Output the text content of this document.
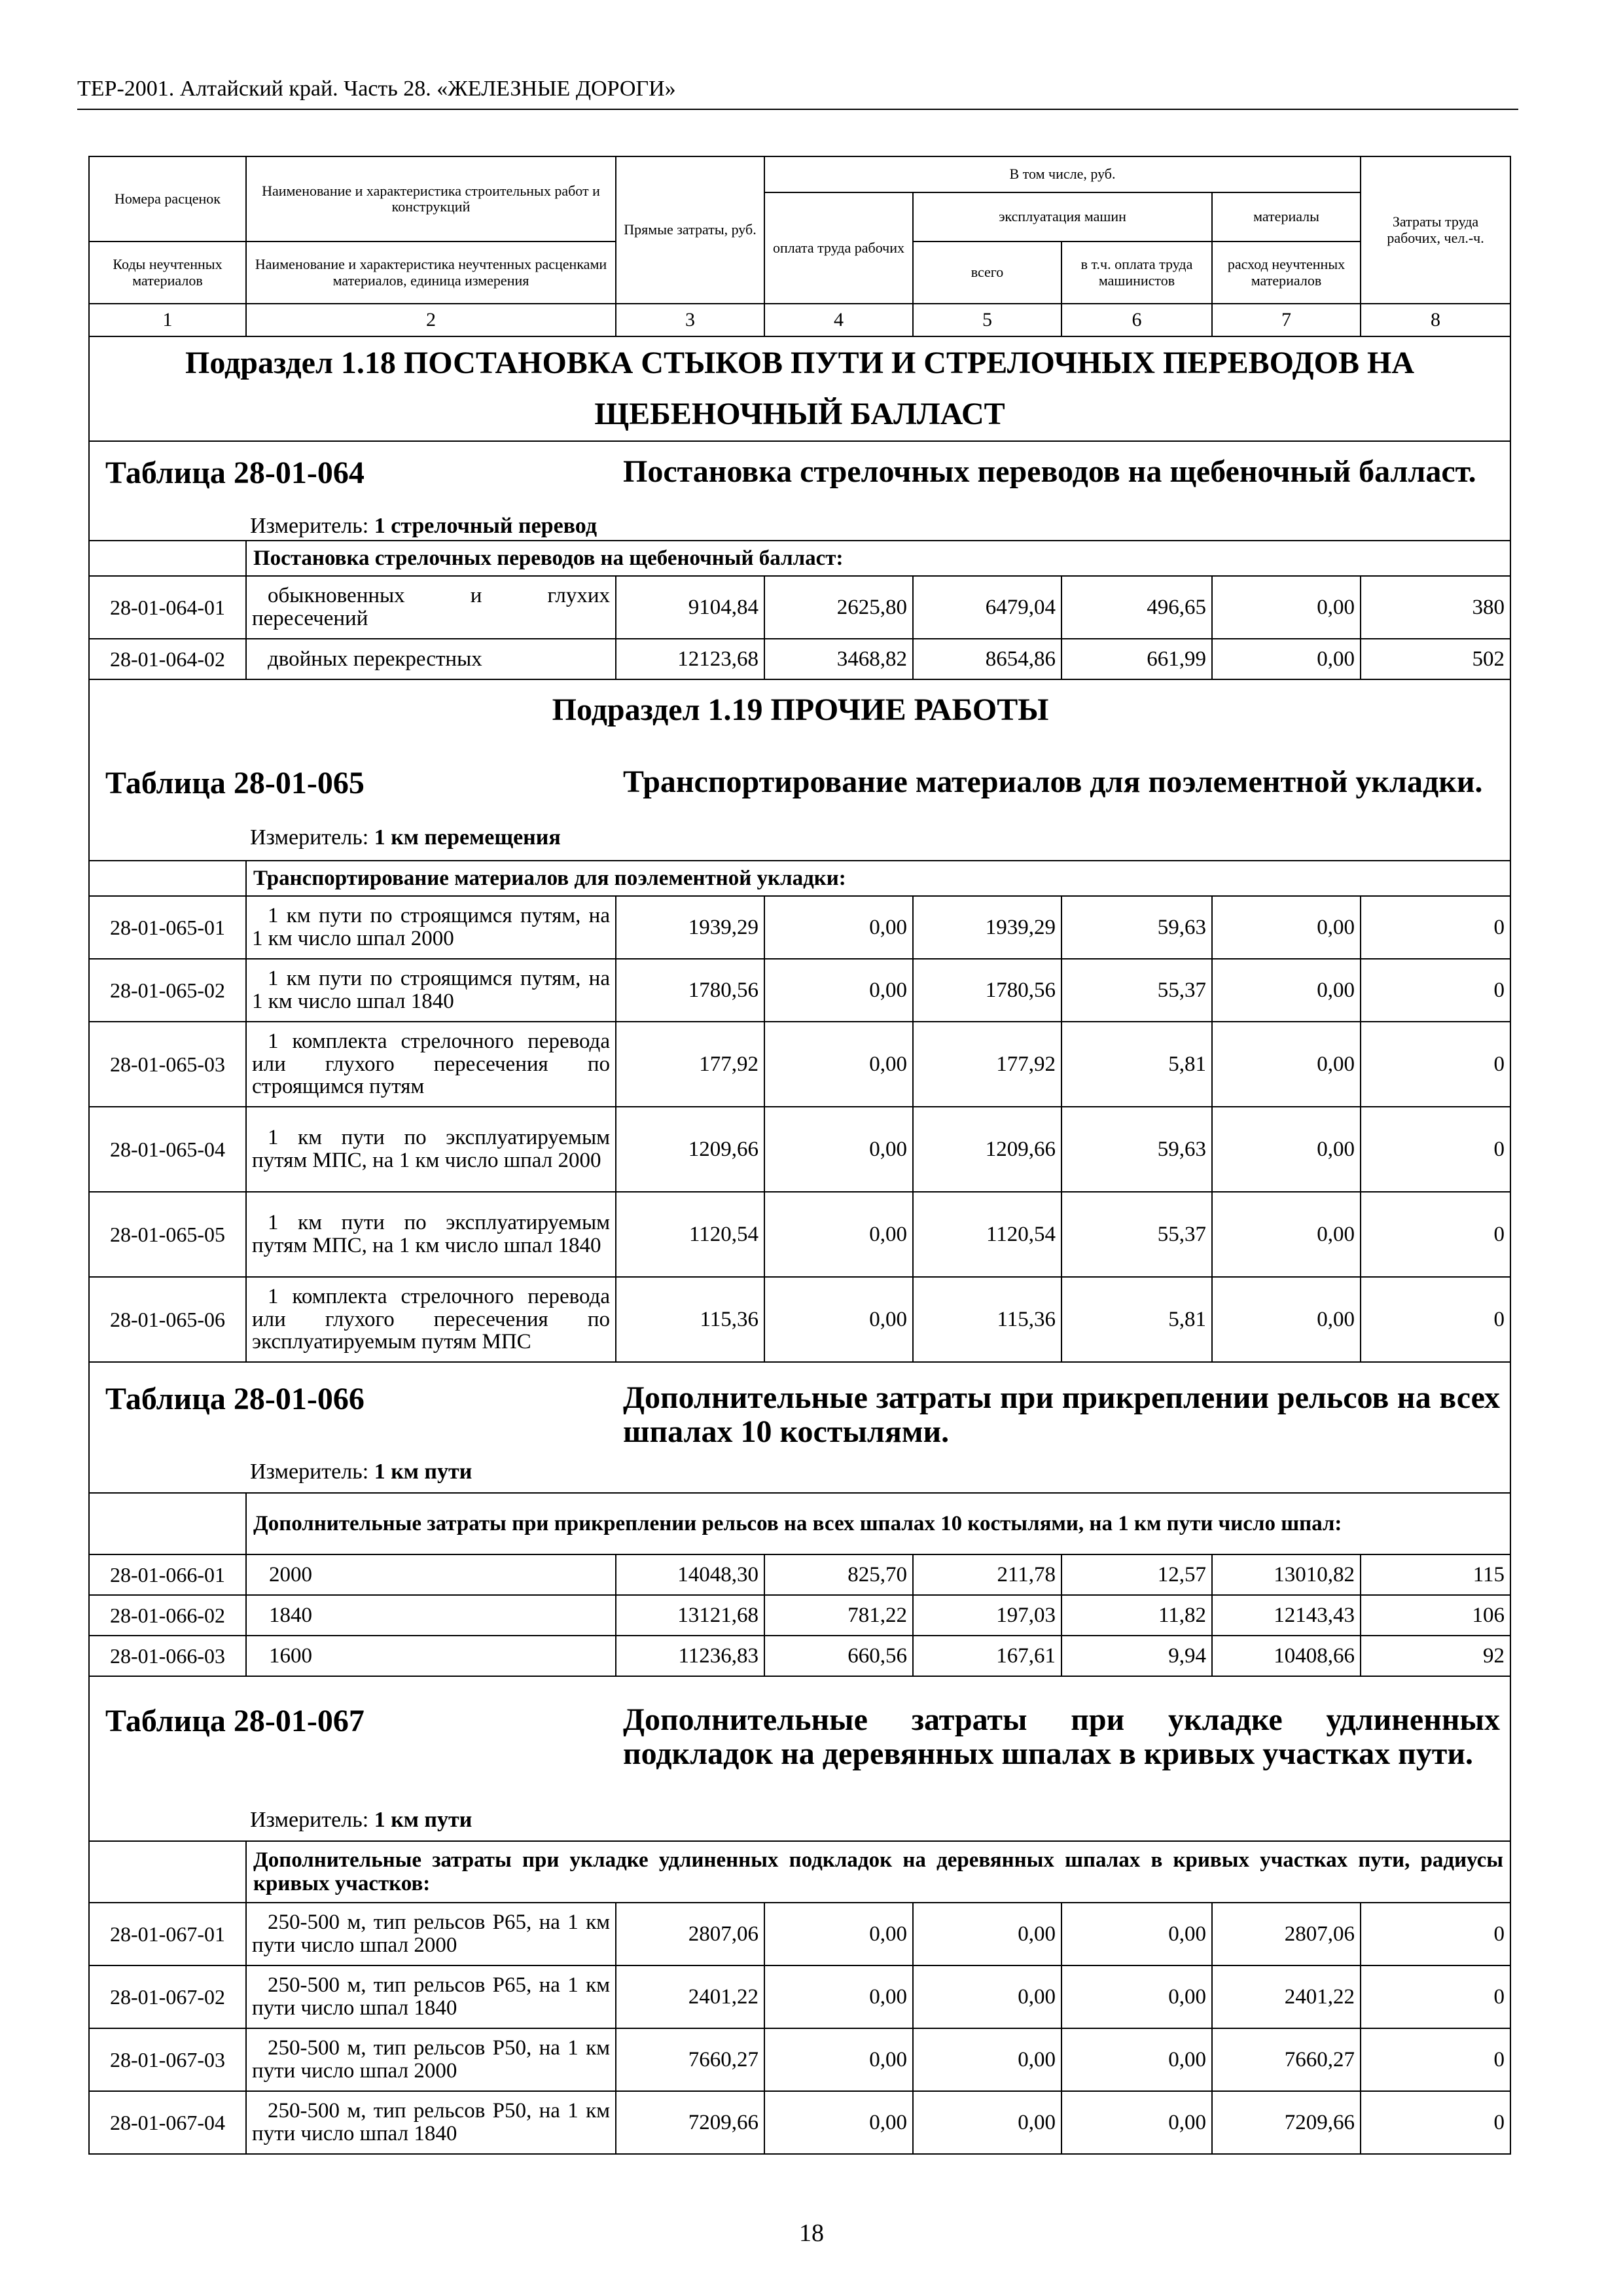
ТЕР-2001. Алтайский край. Часть 28. «ЖЕЛЕЗНЫЕ ДОРОГИ»
Номера расценок	Наименование и характеристика строительных работ и конструкций	Прямые затраты, руб.	В том числе, руб.				Затраты труда рабочих, чел.-ч.
			оплата труда рабочих	эксплуатация машин		материалы	
Коды неучтенных материалов	Наименование и характеристика неучтенных расценками материалов, единица измерения			всего	в т.ч. оплата труда машинистов	расход неучтенных материалов	
1	2	3	4	5	6	7	8
Подраздел 1.18 ПОСТАНОВКА СТЫКОВ ПУТИ И СТРЕЛОЧНЫХ ПЕРЕВОДОВ НА ЩЕБЕНОЧНЫЙ БАЛЛАСТ							

Таблица 28-01-064 Постановка стрелочных переводов на щебеночный балласт.
Измеритель: 1 стрелочный перевод							

	Постановка стрелочных переводов на щебеночный балласт:						
28-01-064-01	обыкновенных и глухих пересечений	9104,84	2625,80	6479,04	496,65	0,00	380
28-01-064-02	двойных перекрестных	12123,68	3468,82	8654,86	661,99	0,00	502

Подраздел 1.19 ПРОЧИЕ РАБОТЫ
Таблица 28-01-065 Транспортирование материалов для поэлементной укладки.
Измеритель: 1 км перемещения							

	Транспортирование материалов для поэлементной укладки:						
28-01-065-01	1 км пути по строящимся путям, на 1 км число шпал 2000	1939,29	0,00	1939,29	59,63	0,00	0
28-01-065-02	1 км пути по строящимся путям, на 1 км число шпал 1840	1780,56	0,00	1780,56	55,37	0,00	0
28-01-065-03	1 комплекта стрелочного перевода или глухого пересечения по строящимся путям	177,92	0,00	177,92	5,81	0,00	0
28-01-065-04	1 км пути по эксплуатируемым путям МПС, на 1 км число шпал 2000	1209,66	0,00	1209,66	59,63	0,00	0
28-01-065-05	1 км пути по эксплуатируемым путям МПС, на 1 км число шпал 1840	1120,54	0,00	1120,54	55,37	0,00	0
28-01-065-06	1 комплекта стрелочного перевода или глухого пересечения по эксплуатируемым путям МПС	115,36	0,00	115,36	5,81	0,00	0

Таблица 28-01-066 Дополнительные затраты при прикреплении рельсов на всех шпалах 10 костылями.
Измеритель: 1 км пути							

	Дополнительные затраты при прикреплении рельсов на всех шпалах 10 костылями, на 1 км пути число шпал:						
28-01-066-01	2000	14048,30	825,70	211,78	12,57	13010,82	115
28-01-066-02	1840	13121,68	781,22	197,03	11,82	12143,43	106
28-01-066-03	1600	11236,83	660,56	167,61	9,94	10408,66	92

Таблица 28-01-067 Дополнительные затраты при укладке удлиненных подкладок на деревянных шпалах в кривых участках пути.
Измеритель: 1 км пути							

	Дополнительные затраты при укладке удлиненных подкладок на деревянных шпалах в кривых участках пути, радиусы кривых участков:						
28-01-067-01	250-500 м, тип рельсов Р65, на 1 км пути число шпал 2000	2807,06	0,00	0,00	0,00	2807,06	0
28-01-067-02	250-500 м, тип рельсов Р65, на 1 км пути число шпал 1840	2401,22	0,00	0,00	0,00	2401,22	0
28-01-067-03	250-500 м, тип рельсов Р50, на 1 км пути число шпал 2000	7660,27	0,00	0,00	0,00	7660,27	0
28-01-067-04	250-500 м, тип рельсов Р50, на 1 км пути число шпал 1840	7209,66	0,00	0,00	0,00	7209,66	0
18
